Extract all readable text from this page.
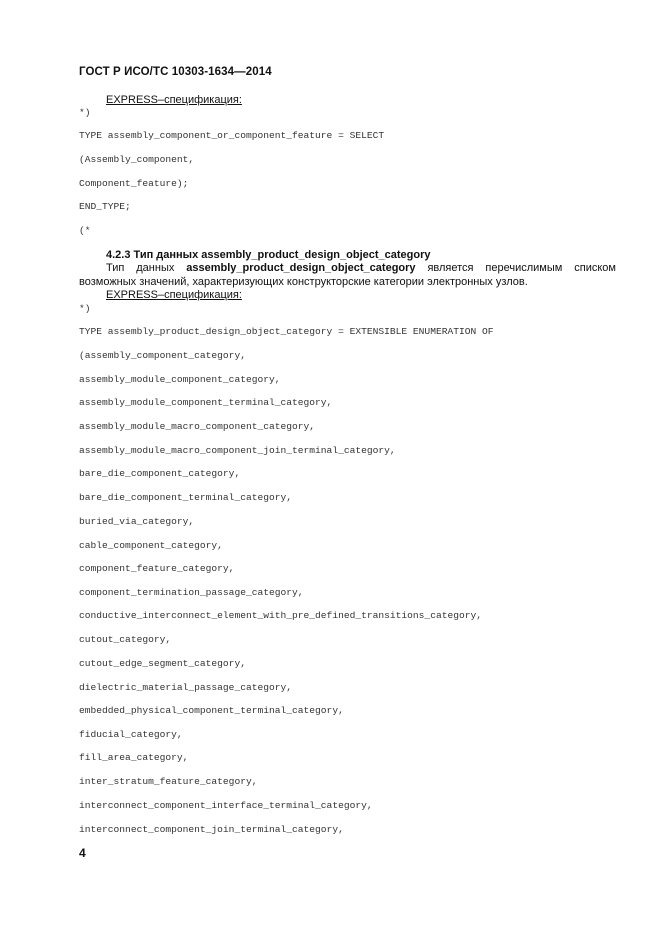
ГОСТ Р ИСО/ТС 10303-1634—2014
EXPRESS–спецификация:
*)
TYPE assembly_component_or_component_feature = SELECT
(Assembly_component,
Component_feature);
END_TYPE;
(*
4.2.3 Тип данных assembly_product_design_object_category
Тип данных assembly_product_design_object_category является перечислимым списком возможных значений, характеризующих конструкторские категории электронных узлов.
EXPRESS–спецификация:
*)
TYPE assembly_product_design_object_category = EXTENSIBLE ENUMERATION OF
(assembly_component_category,
assembly_module_component_category,
assembly_module_component_terminal_category,
assembly_module_macro_component_category,
assembly_module_macro_component_join_terminal_category,
bare_die_component_category,
bare_die_component_terminal_category,
buried_via_category,
cable_component_category,
component_feature_category,
component_termination_passage_category,
conductive_interconnect_element_with_pre_defined_transitions_category,
cutout_category,
cutout_edge_segment_category,
dielectric_material_passage_category,
embedded_physical_component_terminal_category,
fiducial_category,
fill_area_category,
inter_stratum_feature_category,
interconnect_component_interface_terminal_category,
interconnect_component_join_terminal_category,
4
